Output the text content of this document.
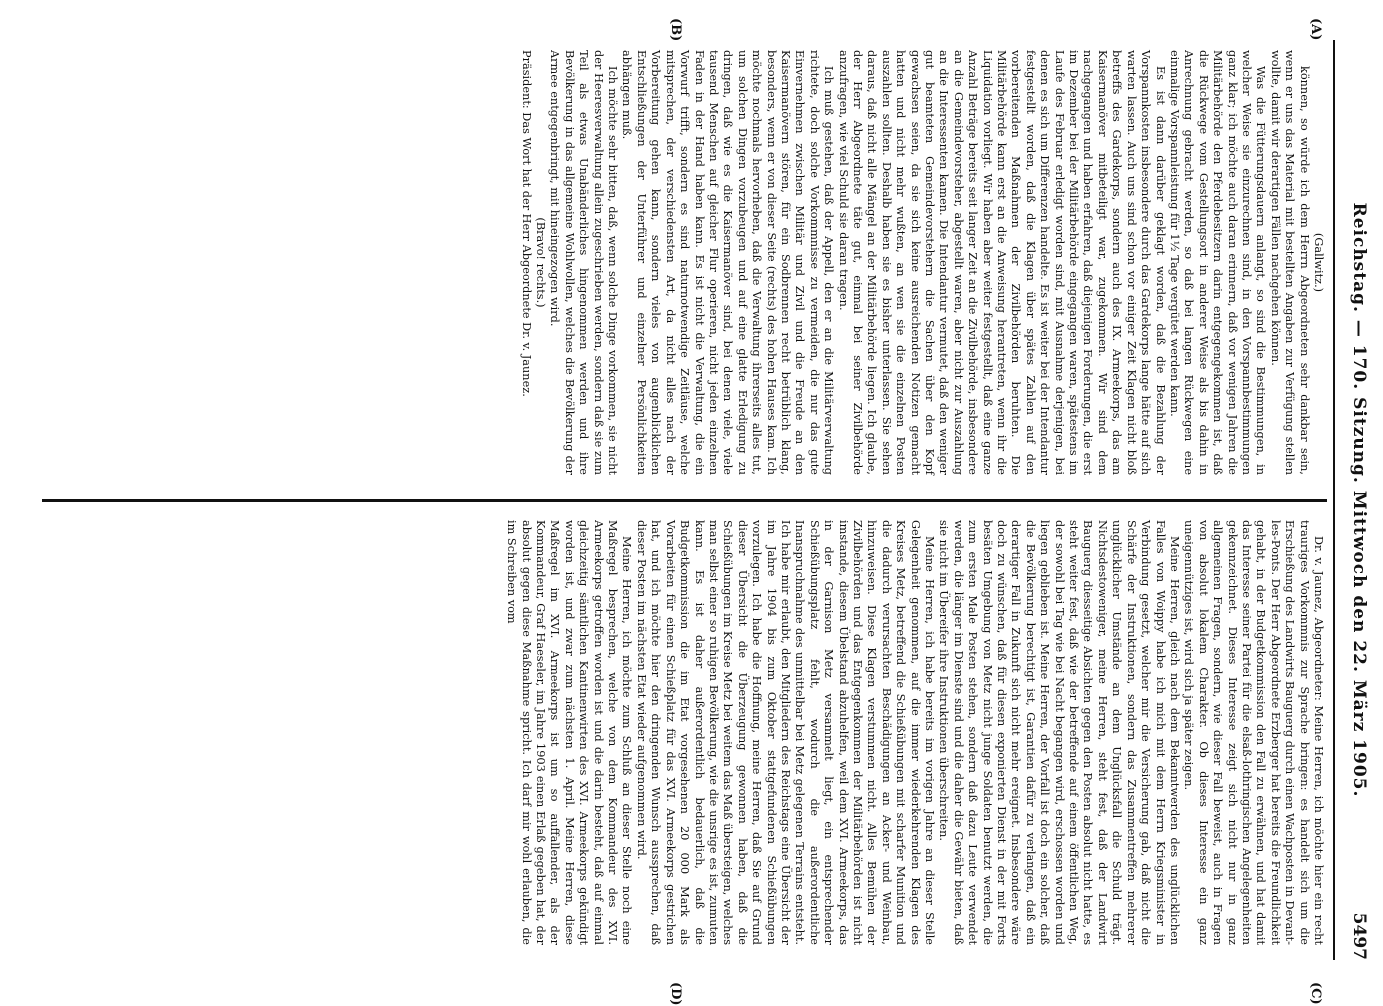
Reichstag. — 170. Sitzung. Mittwoch den 22. März 1905.
5497
(A)
(B)
(C)
(D)

(Gallwitz.)

können, so würde ich dem Herrn Abgeordneten sehr dankbar sein, wenn er uns das Material mit bestellten Angaben zur Verfügung stellen wollte, damit wir derartigen Fällen nachgehen können.

Was die Fütterungsdauern anlangt, so sind die Bestimmungen, in welcher Weise sie einzurechnen sind, in den Vorspannbestimmungen ganz klar; ich möchte auch daran erinnern, daß vor wenigen Jahren die Militärbehörde den Pferdebesitzern darin entgegengekommen ist, daß die Rückwege vom Gestellungsort in anderer Weise als bis dahin in Anrechnung gebracht werden, so daß bei langen Rückwegen eine einmalige Vorspannleistung für 1½ Tage vergütet werden kann.

Es ist dann darüber geklagt worden, daß die Bezahlung der Vorspannkosten insbesondere durch das Gardekorps lange hätte auf sich warten lassen. Auch uns sind schon vor einiger Zeit Klagen nicht bloß betreffs des Gardekorps, sondern auch des IX. Armeekorps, das am Kaisermanöver mitbeteiligt war, zugekommen. Wir sind dem nachgegangen und haben erfahren, daß diejenigen Forderungen, die erst im Dezember bei der Militärbehörde eingegangen waren, spätestens im Laufe des Februar erledigt worden sind, mit Ausnahme derjenigen, bei denen es sich um Differenzen handelte. Es ist weiter bei der Intendantur festgestellt worden, daß die Klagen über spätes Zahlen auf den vorbereitenden Maßnahmen der Zivilbehörden beruhten. Die Militärbehörde kann erst an die Anweisung herantreten, wenn ihr die Liquidation vorliegt. Wir haben aber weiter festgestellt, daß eine ganze Anzahl Beträge bereits seit langer Zeit an die Zivilbehörde, insbesondere an die Gemeindevorsteher, abgestellt waren, aber nicht zur Auszahlung an die Interessenten kamen. Die Intendantur vermutet, daß den weniger gut beamteten Gemeindevorstehern die Sachen über den Kopf gewachsen seien, da sie sich keine ausreichenden Notizen gemacht hatten und nicht mehr wußten, an wen sie die einzelnen Posten auszahlen sollten. Deshalb haben sie es bisher unterlassen. Sie sehen daraus, daß nicht alle Mängel an der Militärbehörde liegen. Ich glaube, der Herr Abgeordnete täte gut, einmal bei seiner Zivilbehörde anzufragen, wie viel Schuld sie daran tragen.

Ich muß gestehen, daß der Appell, den er an die Militärverwaltung richtete, doch solche Vorkommnisse zu vermeiden, die nur das gute Einvernehmen zwischen Militär und Zivil und die Freude an den Kaisermanövern stören, für ein Sodbrennen recht betrüblich klang, besonders, wenn er von dieser Seite (rechts) des hohen Hauses kam. Ich möchte nochmals hervorheben, daß die Verwaltung ihrerseits alles tut, um solchen Dingen vorzubeugen und auf eine glatte Erledigung zu dringen, daß wie es die Kaisermanöver sind, bei denen viele, viele tausend Menschen auf gleicher Flur operieren, nicht jeden einzelnen Faden in der Hand haben kann. Es ist nicht die Verwaltung, die ein Vorwurf trifft, sondern es sind naturnotwendige Zeitläuse, welche mitsprechen, der verschiedensten Art, da nicht alles nach der Vorbereitung gehen kann, sondern vieles von augenblicklichen Entschließungen der Unterführer und einzelner Persönlichkeiten abhängen muß.

Ich möchte sehr bitten, daß, wenn solche Dinge vorkommen, sie nicht der Heeresverwaltung allein zugeschrieben werden, sondern daß sie zum Teil als etwas Unabänderliches hingenommen werden und ihre Bevölkerung in das allgemeine Wohlwollen, welches die Bevölkerung der Armee entgegenbringt, mit hineingezogen wird.

(Bravo! rechts.)

Präsident: Das Wort hat der Herr Abgeordnete Dr. v. Jaunez.

Dr. v. Jaunez, Abgeordneter: Meine Herren, ich möchte hier ein recht trauriges Vorkommnis zur Sprache bringen: es handelt sich um die Erschießung des Landwirts Bauguerg durch einen Wachposten in Devant-les-Ponts. Der Herr Abgeordnete Erzberger hat bereits die Freundlichkeit gehabt, in der Budgetkommission den Fall zu erwähnen, und hat damit das Interesse seiner Partei für die elsaß-lothringischen Angelegenheiten gekennzeichnet. Dieses Interesse zeigt sich nicht nur in ganz allgemeinen Fragen, sondern, wie dieser Fall beweist, auch in Fragen von absolut lokalem Charakter. Ob dieses Interesse ein ganz uneigennütziges ist, wird sich ja später zeigen.

Meine Herren, gleich nach dem Bekanntwerden des unglücklichen Falles von Woippy habe ich mich mit dem Herrn Kriegsminister in Verbindung gesetzt, welcher mir die Versicherung gab, daß nicht die Schärfe der Instruktionen, sondern das Zusammentreffen mehrerer unglücklicher Umstände an dem Unglücksfall die Schuld trägt. Nichtsdestoweniger, meine Herren, steht fest, daß der Landwirt Bauguerg diesseitige Absichten gegen den Posten absolut nicht hatte, es steht weiter fest, daß wie der betreffende auf einem öffentlichen Weg, der sowohl bei Tag wie bei Nacht begangen wird, erschossen worden und liegen geblieben ist. Meine Herren, der Vorfall ist doch ein solcher, daß die Bevölkerung berechtigt ist, Garantien dafür zu verlangen, daß ein derartiger Fall in Zukunft sich nicht mehr ereignet. Insbesondere wäre doch zu wünschen, daß für diesen exponierten Dienst in der mit Forts besäten Umgebung von Metz nicht junge Soldaten benutzt werden, die zum ersten Male Posten stehen, sondern daß dazu Leute verwendet werden, die länger im Dienste sind und die daher die Gewähr bieten, daß sie nicht im Übereifer ihre Instruktionen überschreiten.

Meine Herren, ich habe bereits im vorigen Jahre an dieser Stelle Gelegenheit genommen, auf die immer wiederkehrenden Klagen des Kreises Metz, betreffend die Schießübungen mit scharfer Munition und die dadurch verursachten Beschädigungen an Acker- und Weinbau, hinzuweisen. Diese Klagen verstummen nicht. Alles Bemühen der Zivilbehörden und das Entgegenkommen der Militärbehörden ist nicht imstande, diesem Übelstand abzuhelfen, weil dem XVI. Armeekorps, das in der Garnison Metz versammelt liegt, ein entsprechender Schießübungsplatz fehlt, wodurch die außerordentliche Inanspruchnahme des unmittelbar bei Metz gelegenen Terrains entsteht. Ich habe mir erlaubt, den Mitgliedern des Reichstags eine Übersicht der im Jahre 1904 bis zum Oktober stattgefundenen Schießübungen vorzulegen. Ich habe die Hoffnung, meine Herren, daß Sie auf Grund dieser Übersicht die Überzeugung gewonnen haben, daß die Schießübungen im Kreise Metz bei weitem das Maß übersteigen, welches man selbst einer so ruhigen Bevölkerung, wie die unsrige es ist, zumuten kann. Es ist daher außerordentlich bedauerlich, daß die Budgetkommission die im Etat vorgesehenen 20 000 Mark als Vorarbeiten für einen Schießplatz für das XVI. Armeekorps gestrichen hat, und ich möchte hier den dringenden Wunsch aussprechen, daß dieser Posten im nächsten Etat wieder aufgenommen wird.

Meine Herren, ich möchte zum Schluß an dieser Stelle noch eine Maßregel besprechen, welche von dem Kommandeur des XVI. Armeekorps getroffen worden ist und die darin besteht, daß auf einmal gleichzeitig sämtlichen Kantinenwirten des XVI. Armeekorps gekündigt worden ist, und zwar zum nächsten 1. April. Meine Herren, diese Maßregel im XVI. Armeekorps ist um so auffallender, als der Kommandeur, Graf Haeseler, im Jahre 1903 einen Erlaß gegeben hat, der absolut gegen diese Maßnahme spricht. Ich darf mir wohl erlauben, die im Schreiben vom
